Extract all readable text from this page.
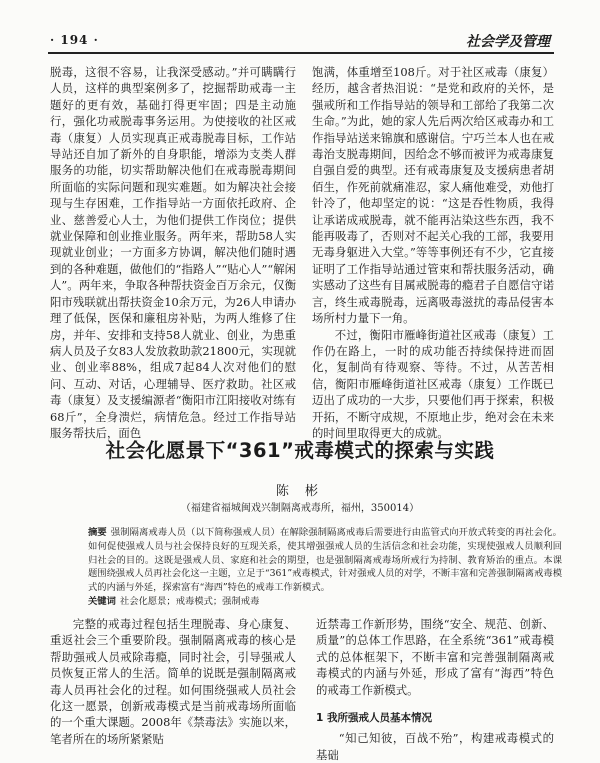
· 194 ·	社会学及管理

脱毒，这很不容易，让我深受感动。”并可瞒瞒行人员，这样的典型案例多了，挖掘帮助戒毒一主题好的更有效，基础打得更牢固；四是主动施行，强化功戒脱毒事务运用。为使接收的社区戒毒（康复）人员实现真正戒毒脱毒目标，工作站导站还自加了新外的自身职能，增添为支类人群服务的功能，切实帮助解决他们在戒毒脱毒期间所面临的实际问题和现实难题。如为解决社会接现与生存困难，工作指导站一方面依托政府、企业、慈善爱心人士，为他们提供工作岗位；提供就业保障和创业推业服务。两年来，帮助58人实现就业创业；一方面多方协调，解决他们随时遇到的各种难题，做他们的“指路人”“贴心人”“解闲人”。两年来，争取各种帮扶资金百万余元，仅衡阳市残联就出帮扶资金10余万元，为26人申请办理了低保，医保和廉租房补贴，为两人维修了住房，并年、安排和支持58人就业、创业，为患重病人员及子女83人发放救助款21800元，实现就业、创业率88%，组成7起84人次对他们的慰问、互动、对话，心理辅导、医疗救助。社区戒毒（康复）及支援编源者“衡阳市江阳接收对练有68斤”，全身溃烂，病情危急。经过工作指导站服务帮扶后，面色

饱满，体重增至108斤。对于社区戒毒（康复）经历，越含者热泪说：“是党和政府的关怀，是强戒所和工作指导站的领导和工部给了我第二次生命。”为此，她的家人先后两次给区戒毒办和工作指导站送来锦旗和感谢信。宁巧兰本人也在戒毒治支脱毒期间，因给念不够而被评为戒毒康复自强自爱的典型。还有戒毒康复及支援病患者胡佰生，作死前就痛准忍，家人痛他难受，劝他打针冷了，他却坚定的说：“这是吞性物质，我得让承诺成戒脱毒，就不能再沾染这些东西，我不能再吸毒了，否则对不起关心我的工部，我要用无毒身躯进入大堂。”等等事例还有不少，它直接证明了工作指导站通过管束和帮扶服务活动，确实感动了这些有目属戒脱毒的瘾君子自愿信守诺言，终生戒毒脱毒，远离吸毒滋扰的毒品侵害本场所村力量下一角。

不过，衡阳市雁峰街道社区戒毒（康复）工作仍在路上，一时的成功能否持续保持进而固化，复制尚有待观察、等待。不过，从苦苦相信，衡阳市雁峰街道社区戒毒（康复）工作既已迈出了成功的一大步，只要他们再于探索，积极开拓，不断守成规，不原地止步，绝对会在未来的时间里取得更大的成就。

社会化愿景下“361”戒毒模式的探索与实践
陈 彬
（福建省福城闽戏兴制隔离戒毒所，福州，350014）

摘要 强制隔离戒毒人员（以下简称强戒人员）在解除强制隔离戒毒后需要进行由监管式向开放式转变的再社会化。如何促使强戒人员与社会保持良好的互现关系，使其增强强戒人员的生活信念和社会功能，实现使强戒人员顺利回归社会的目的。这既是强戒人员、家庭和社会的期望，也是强制隔离戒毒场所戒行为持制、教育矫治的重点。本课题围绕强戒人员再社会化这一主题，立足于“361”戒毒模式，针对强戒人员的对学，不断丰富和完善强制隔离戒毒模式的内涵与外延，探索富有“海西”特色的戒毒工作新模式。

关键词 社会化愿景；戒毒模式；强制戒毒

完整的戒毒过程包括生理脱毒、身心康复、重返社会三个重要阶段。强制隔离戒毒的核心是帮助强戒人员戒除毒瘾，同时社会，引导强戒人员恢复正常人的生活。简单的说既是强制隔离戒毒人员再社会化的过程。如何围绕强戒人员社会化这一愿景，创新戒毒模式是当前戒毒场所面临的一个重大课题。2008年《禁毒法》实施以来，笔者所在的场所紧紧贴

近禁毒工作新形势，围绕“安全、规范、创新、质量”的总体工作思路，在全系统“361”戒毒模式的总体框架下，不断丰富和完善强制隔离戒毒模式的内涵与外延，形成了富有“海西”特色的戒毒工作新模式。

1 我所强戒人员基本情况

“知己知彼，百战不殆”，构建戒毒模式的基础
